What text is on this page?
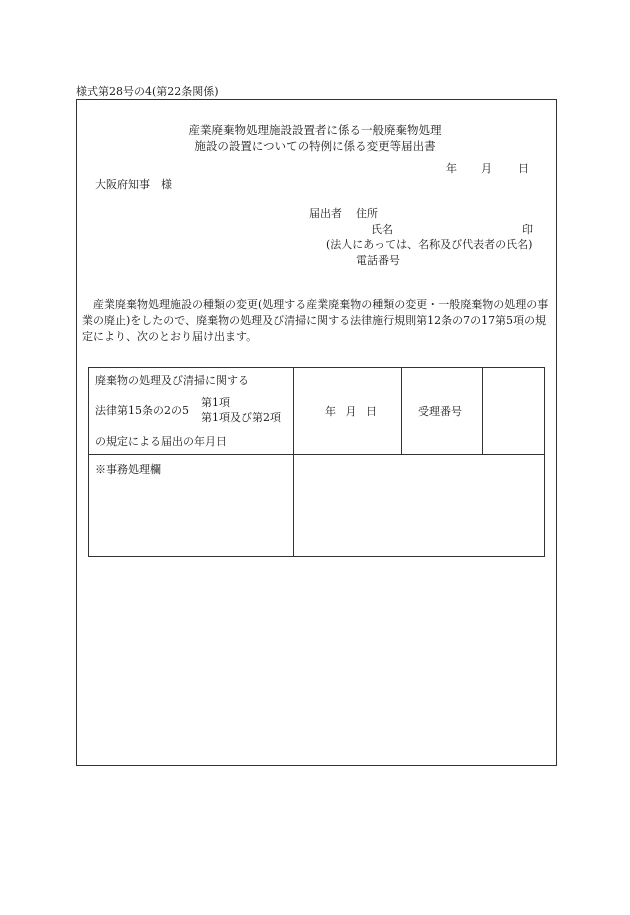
様式第28号の4(第22条関係)
産業廃棄物処理施設設置者に係る一般廃棄物処理
施設の設置についての特例に係る変更等届出書
年 月 日
大阪府知事　様
届出者 住所
氏名	印
(法人にあっては、名称及び代表者の氏名)
電話番号
産業廃棄物処理施設の種類の変更(処理する産業廃棄物の種類の変更・一般廃棄物の処理の事業の廃止)をしたので、廃棄物の処理及び清掃に関する法律施行規則第12条の7の17第5項の規定により、次のとおり届け出ます。
廃棄物の処理及び清掃に関する
法律第15条の2の5
第1項
第1項及び第2項
の規定による届出の年月日
年 月 日	受理番号
※事務処理欄
